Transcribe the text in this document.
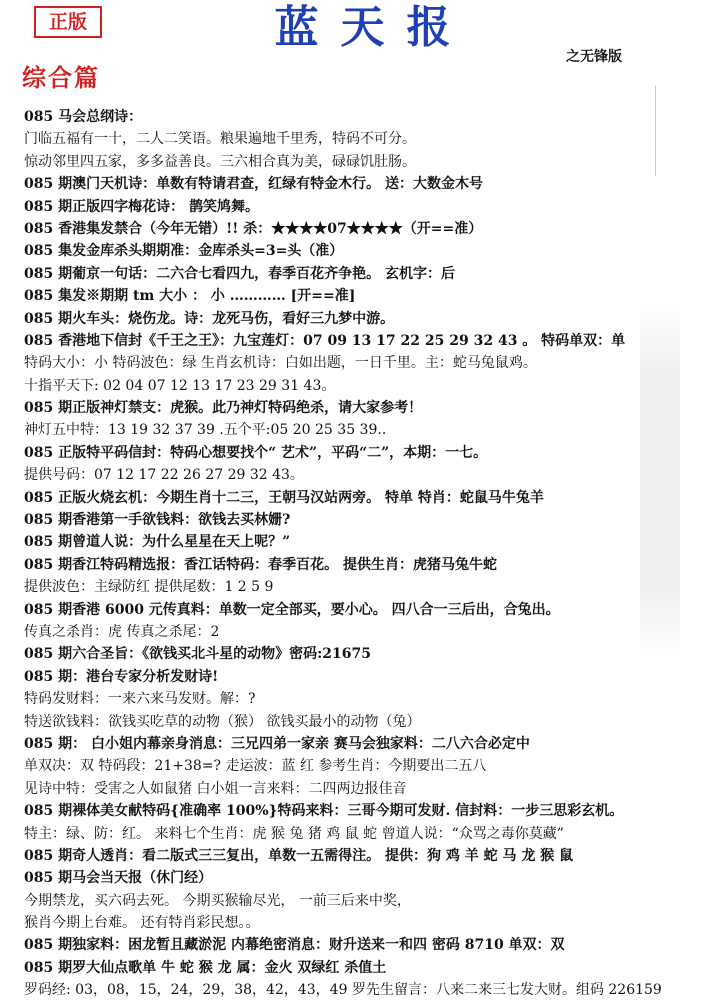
正版	蓝天报
之无锋版
综合篇
085 马会总纲诗：
门临五福有一十，二人二笑语。粮果遍地千里秀，特码不可分。
惊动邻里四五家，多多益善良。三六相合真为美，碌碌饥肚肠。
085 期澳门天机诗：单数有特请君查，红绿有特金木行。 送：大数金木号
085 期正版四字梅花诗： 鹊笑鸠舞。
085 香港集发禁合（今年无错）!! 杀：★★★★07★★★★（开==准）
085 集发金库杀头期期准：金库杀头=3=头（准）
085 期葡京一句话：二六合七看四九，春季百花齐争艳。 玄机字：后
085 集发※期期 tm 大小 ： 小 ………… [开==准]
085 期火车头：烧伤龙。诗：龙死马伤，看好三九梦中游。
085 香港地下信封《千王之王》：九宝莲灯：07 09 13 17 22 25 29 32 43 。 特码单双：单
特码大小：小 特码波色：绿 生肖玄机诗：白如出题，一日千里。主：蛇马兔鼠鸡。
十指平天下: 02 04 07 12 13 17 23 29 31 43。
085 期正版神灯禁支：虎猴。此乃神灯特码绝杀，请大家参考！
神灯五中特：13 19 32 37 39 .五个平:05 20 25 35 39..
085 正版特平码信封：特码心想要找个“ 艺术”，平码“二”，本期：一七。
提供号码：07 12 17 22 26 27 29 32 43。
085 正版火烧玄机：今期生肖十二三，王朝马汉站两旁。 特单 特肖：蛇鼠马牛兔羊
085 期香港第一手欲钱料：欲钱去买林姗?
085 期曾道人说：为什么星星在天上呢？”
085 期香江特码精选报：香江话特码：春季百花。 提供生肖：虎猪马兔牛蛇
提供波色：主绿防红 提供尾数：1 2 5 9
085 期香港 6000 元传真料：单数一定全部买，要小心。 四八合一三后出，合兔出。
传真之杀肖：虎 传真之杀尾：2
085 期六合圣旨：《欲钱买北斗星的动物》密码:21675
085 期：港台专家分析发财诗!
特码发财料：一来六来马发财。解：?
特送欲钱料：欲钱买吃草的动物（猴） 欲钱买最小的动物（兔）
085 期： 白小姐内幕亲身消息：三兄四弟一家亲 赛马会独家料：二八六合必定中
单双决：双 特码段：21+38=? 走运波：蓝 红 参考生肖：今期要出二五八
见诗中特：受害之人如鼠猪 白小姐一言来料：二四两边报佳音
085 期裸体美女献特码{准确率 100%}特码来料：三哥今期可发财. 信封料：一步三思彩玄机。
特主：绿、防：红。 来料七个生肖：虎 猴 兔 猪 鸡 鼠 蛇 曾道人说：“众骂之毒你莫藏”
085 期奇人透肖：看二版式三三复出，单数一五需得注。 提供：狗 鸡 羊 蛇 马 龙 猴 鼠
085 期马会当天报（休门经）
今期禁龙，买六码去死。 今期买猴输尽光， 一前三后来中奖，
猴肖今期上台难。 还有特肖彩民想。。
085 期独家料：困龙暂且藏淤泥 内幕绝密消息：财升送来一和四 密码 8710 单双：双
085 期罗大仙点歌单 牛 蛇 猴 龙 属：金火 双绿红 杀值土
罗码经: 03，08，15，24，29，38，42，43，49 罗先生留言：八来二来三七发大财。组码 226159
